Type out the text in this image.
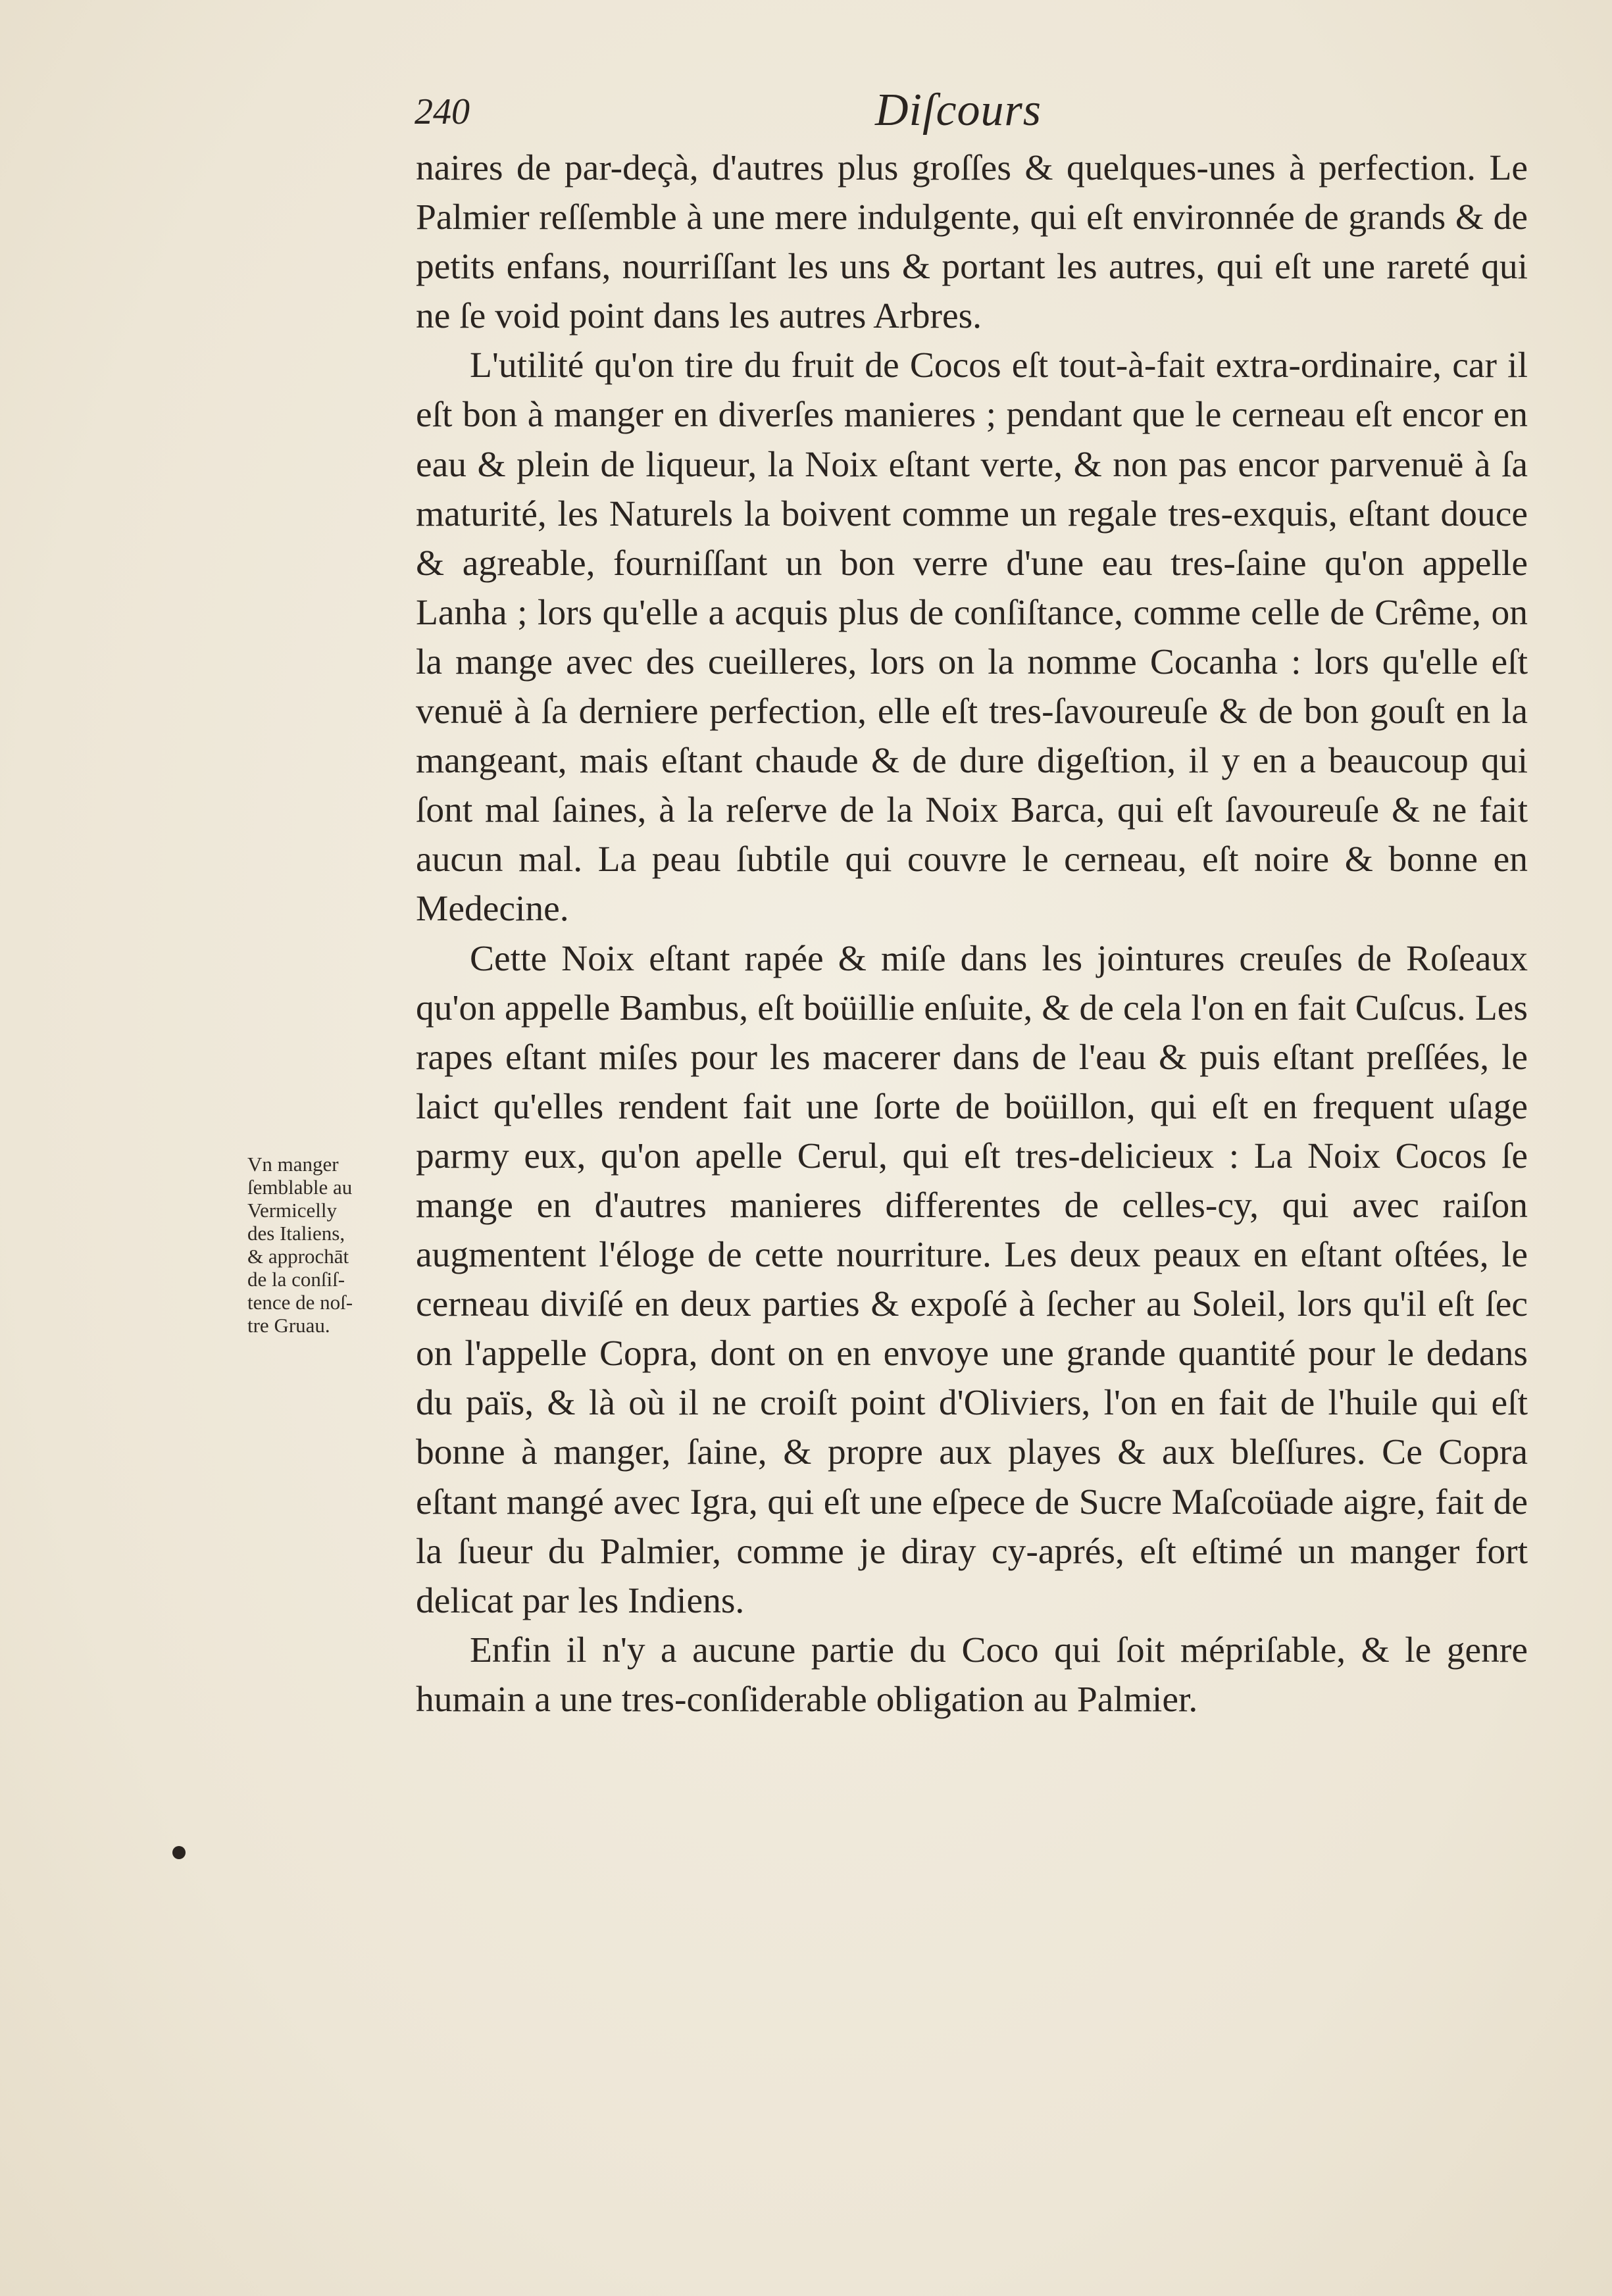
240	Diſcours

naires de par-deçà, d'autres plus groſſes & quelques-unes à perfection. Le Palmier reſſemble à une mere indulgente, qui eſt environnée de grands & de petits enfans, nourriſſant les uns & portant les autres, qui eſt une rareté qui ne ſe void point dans les autres Arbres.

L'utilité qu'on tire du fruit de Cocos eſt tout-à-fait extra-ordinaire, car il eſt bon à manger en diverſes manieres ; pendant que le cerneau eſt encor en eau & plein de liqueur, la Noix eſtant verte, & non pas encor parvenuë à ſa maturité, les Naturels la boivent comme un regale tres-exquis, eſtant douce & agreable, fourniſſant un bon verre d'une eau tres-ſaine qu'on appelle Lanha ; lors qu'elle a acquis plus de conſiſtance, comme celle de Crême, on la mange avec des cueilleres, lors on la nomme Cocanha : lors qu'elle eſt venuë à ſa derniere perfection, elle eſt tres-ſavoureuſe & de bon gouſt en la mangeant, mais eſtant chaude & de dure digeſtion, il y en a beaucoup qui ſont mal ſaines, à la reſerve de la Noix Barca, qui eſt ſavoureuſe & ne fait aucun mal. La peau ſubtile qui couvre le cerneau, eſt noire & bonne en Medecine.

Cette Noix eſtant rapée & miſe dans les jointures creuſes de Roſeaux qu'on appelle Bambus, eſt boüillie enſuite, & de cela l'on en fait Cuſcus. Les rapes eſtant miſes pour les macerer dans de l'eau & puis eſtant preſſées, le laict qu'elles rendent fait une ſorte de boüillon, qui eſt en frequent uſage parmy eux, qu'on apelle Cerul, qui eſt tres-delicieux : La Noix Cocos ſe mange en d'autres manieres differentes de celles-cy, qui avec raiſon augmentent l'éloge de cette nourriture. Les deux peaux en eſtant oſtées, le cerneau diviſé en deux parties & expoſé à ſecher au Soleil, lors qu'il eſt ſec on l'appelle Copra, dont on en envoye une grande quantité pour le dedans du païs, & là où il ne croiſt point d'Oliviers, l'on en fait de l'huile qui eſt bonne à manger, ſaine, & propre aux playes & aux bleſſures. Ce Copra eſtant mangé avec Igra, qui eſt une eſpece de Sucre Maſcoüade aigre, fait de la ſueur du Palmier, comme je diray cy-aprés, eſt eſtimé un manger fort delicat par les Indiens.

Enfin il n'y a aucune partie du Coco qui ſoit mépriſable, & le genre humain a une tres-conſiderable obligation au Palmier.

Vn manger
ſemblable au
Vermicelly
des Italiens,
& approchāt
de la conſiſ-
tence de noſ-
tre Gruau.
